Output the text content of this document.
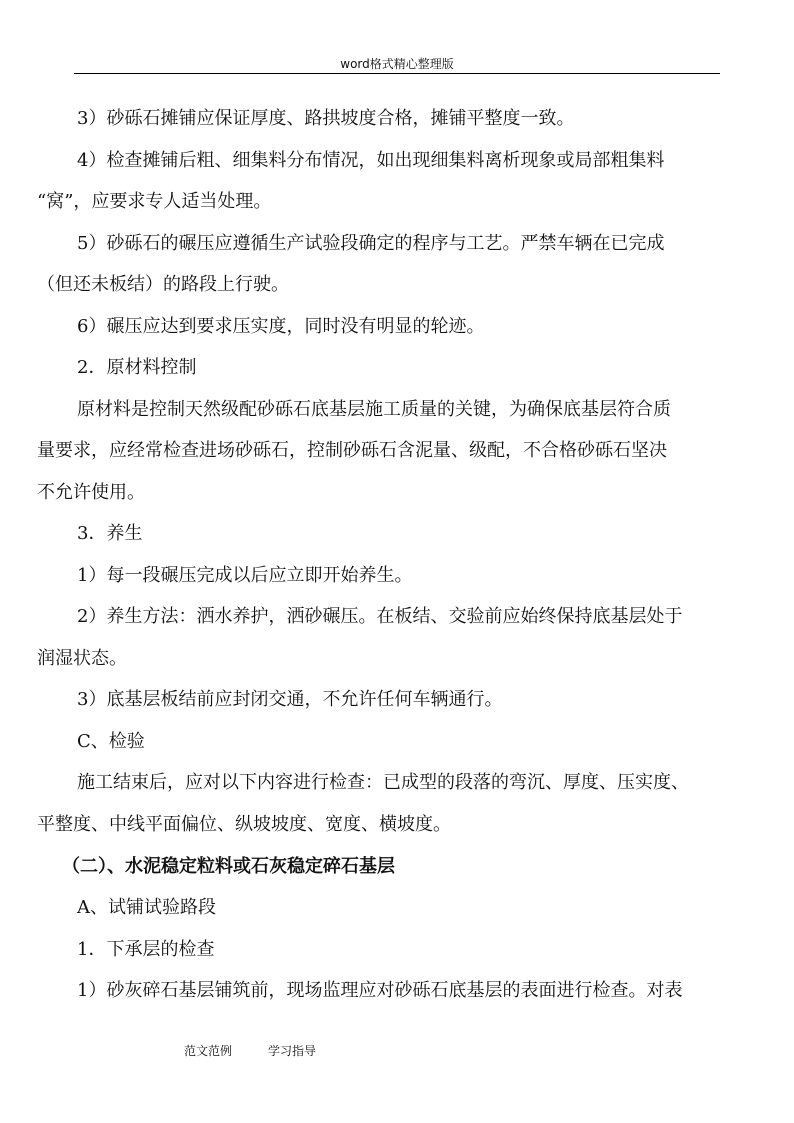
word格式精心整理版
3）砂砾石摊铺应保证厚度、路拱坡度合格，摊铺平整度一致。
4）检查摊铺后粗、细集料分布情况，如出现细集料离析现象或局部粗集料
“窝”，应要求专人适当处理。
5）砂砾石的碾压应遵循生产试验段确定的程序与工艺。严禁车辆在已完成
（但还未板结）的路段上行驶。
6）碾压应达到要求压实度，同时没有明显的轮迹。
2．原材料控制
原材料是控制天然级配砂砾石底基层施工质量的关键，为确保底基层符合质
量要求，应经常检查进场砂砾石，控制砂砾石含泥量、级配，不合格砂砾石坚决
不允许使用。
3．养生
1）每一段碾压完成以后应立即开始养生。
2）养生方法：洒水养护，洒砂碾压。在板结、交验前应始终保持底基层处于
润湿状态。
3）底基层板结前应封闭交通，不允许任何车辆通行。
C、检验
施工结束后，应对以下内容进行检查：已成型的段落的弯沉、厚度、压实度、
平整度、中线平面偏位、纵坡坡度、宽度、横坡度。
（二）、水泥稳定粒料或石灰稳定碎石基层
A、试铺试验路段
1．下承层的检查
1）砂灰碎石基层铺筑前，现场监理应对砂砾石底基层的表面进行检查。对表
范文范例	学习指导
